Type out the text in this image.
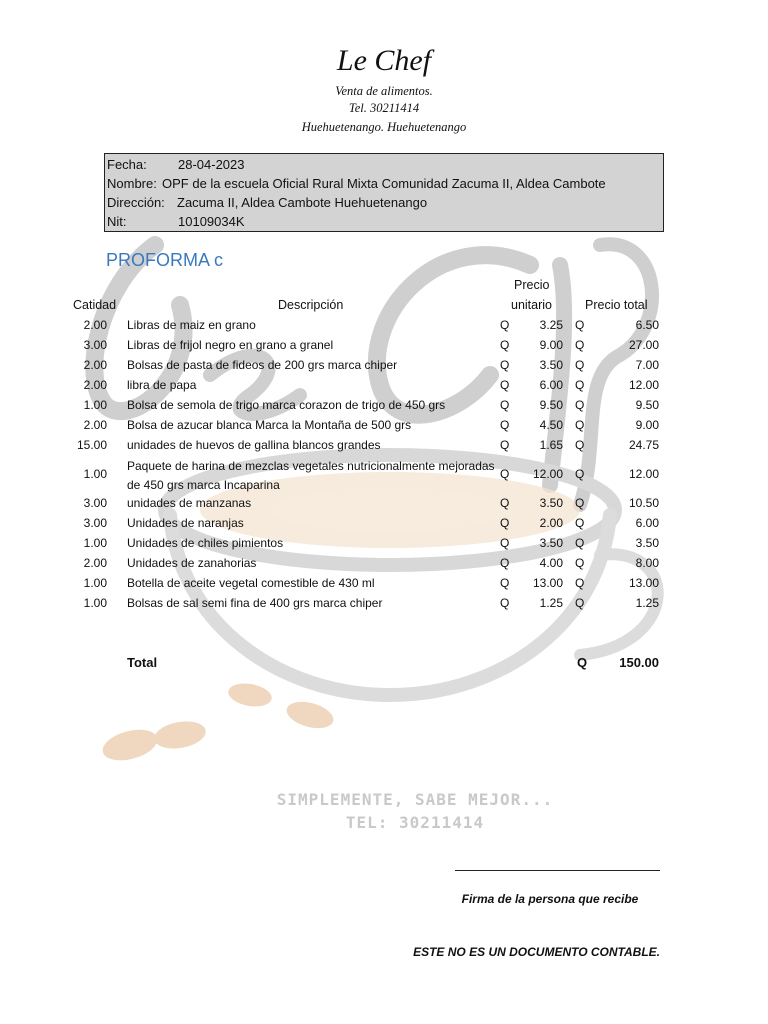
SIMPLEMENTE, SABE MEJOR...
TEL: 30211414
Le Chef
Venta de alimentos.
Tel. 30211414
Huehuetenango. Huehuetenango
Fecha: 28-04-2023
Nombre: OPF de la escuela Oficial Rural Mixta Comunidad Zacuma II, Aldea Cambote
Dirección: Zacuma II, Aldea Cambote Huehuetenango
Nit:	10109034K
PROFORMA c
Catidad	Descripción
Precio
unitario	Precio total
2.00 Libras de maiz en grano	Q	3.25 Q	6.50
3.00 Libras de frijol negro en grano a granel	Q	9.00 Q	27.00
2.00 Bolsas de pasta de fideos de 200 grs marca chiper	Q	3.50 Q	7.00
2.00 libra de papa	Q	6.00 Q	12.00
1.00 Bolsa de semola de trigo marca corazon de trigo de 450 grs	Q	9.50 Q	9.50
2.00 Bolsa de azucar blanca Marca la Montaña de 500 grs	Q	4.50 Q	9.00
15.00 unidades de huevos de gallina blancos grandes	Q	1.65 Q	24.75
1.00
Paquete de harina de mezclas vegetales nutricionalmente mejoradas
de 450 grs marca Incaparina
Q	12.00 Q	12.00
3.00 unidades de manzanas	Q	3.50 Q	10.50
3.00 Unidades de naranjas	Q	2.00 Q	6.00
1.00 Unidades de chiles pimientos	Q	3.50 Q	3.50
2.00 Unidades de zanahorias	Q	4.00 Q	8.00
1.00 Botella de aceite vegetal comestible de 430 ml	Q	13.00 Q	13.00
1.00 Bolsas de sal semi fina de 400 grs marca chiper	Q	1.25 Q	1.25
Total	Q	150.00
Firma de la persona que recibe
ESTE NO ES UN DOCUMENTO CONTABLE.
